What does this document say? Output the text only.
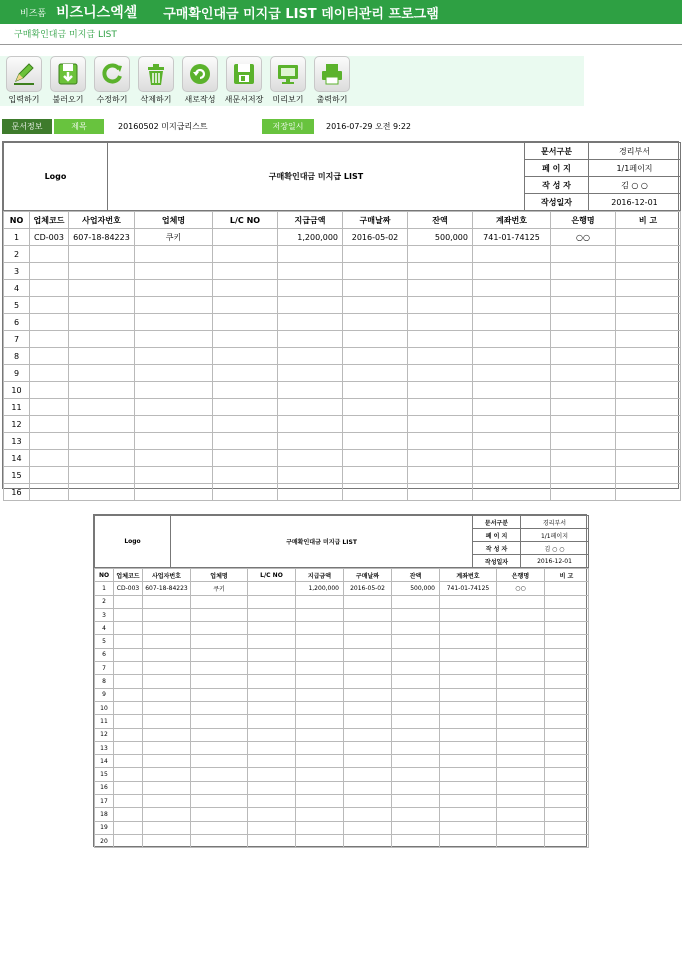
비즈폼 비즈니스엑셀 구매확인대금 미지급 LIST 데이터관리 프로그램
구매확인대금 미지급 LIST
입력하기 불러오기 수정하기 삭제하기 새로작성 새문서저장 미리보기 출력하기
문서정보	제목	20160502 미지급리스트	저장일시	2016-07-29 오전 9:22
Logo	구매확인대금 미지급 LIST	문서구분	경리부서
		페 이 지	1/1페이지
		작 성 자	김 ○ ○
		작성일자	2016-12-01
NO	업체코드	사업자번호	업체명	L/C NO	지급금액	구매날짜	잔액	계좌번호	은행명	비 고
1	CD-003	607-18-84223	쿠키		1,200,000	2016-05-02	500,000	741-01-74125	○○	
2										
3										
4										
5										
6										
7										
8										
9										
10										
11										
12										
13										
14										
15										
16										
Logo	구매확인대금 미지급 LIST	문서구분	경리부서
		페 이 지	1/1페이지
		작 성 자	김 ○ ○
		작성일자	2016-12-01
NO	업체코드	사업자번호	업체명	L/C NO	지급금액	구매날짜	잔액	계좌번호	은행명	비 고
1	CD-003	607-18-84223	쿠키		1,200,000	2016-05-02	500,000	741-01-74125	○○	
2										
3										
4										
5										
6										
7										
8										
9										
10										
11										
12										
13										
14										
15										
16										
17										
18										
19										
20										
